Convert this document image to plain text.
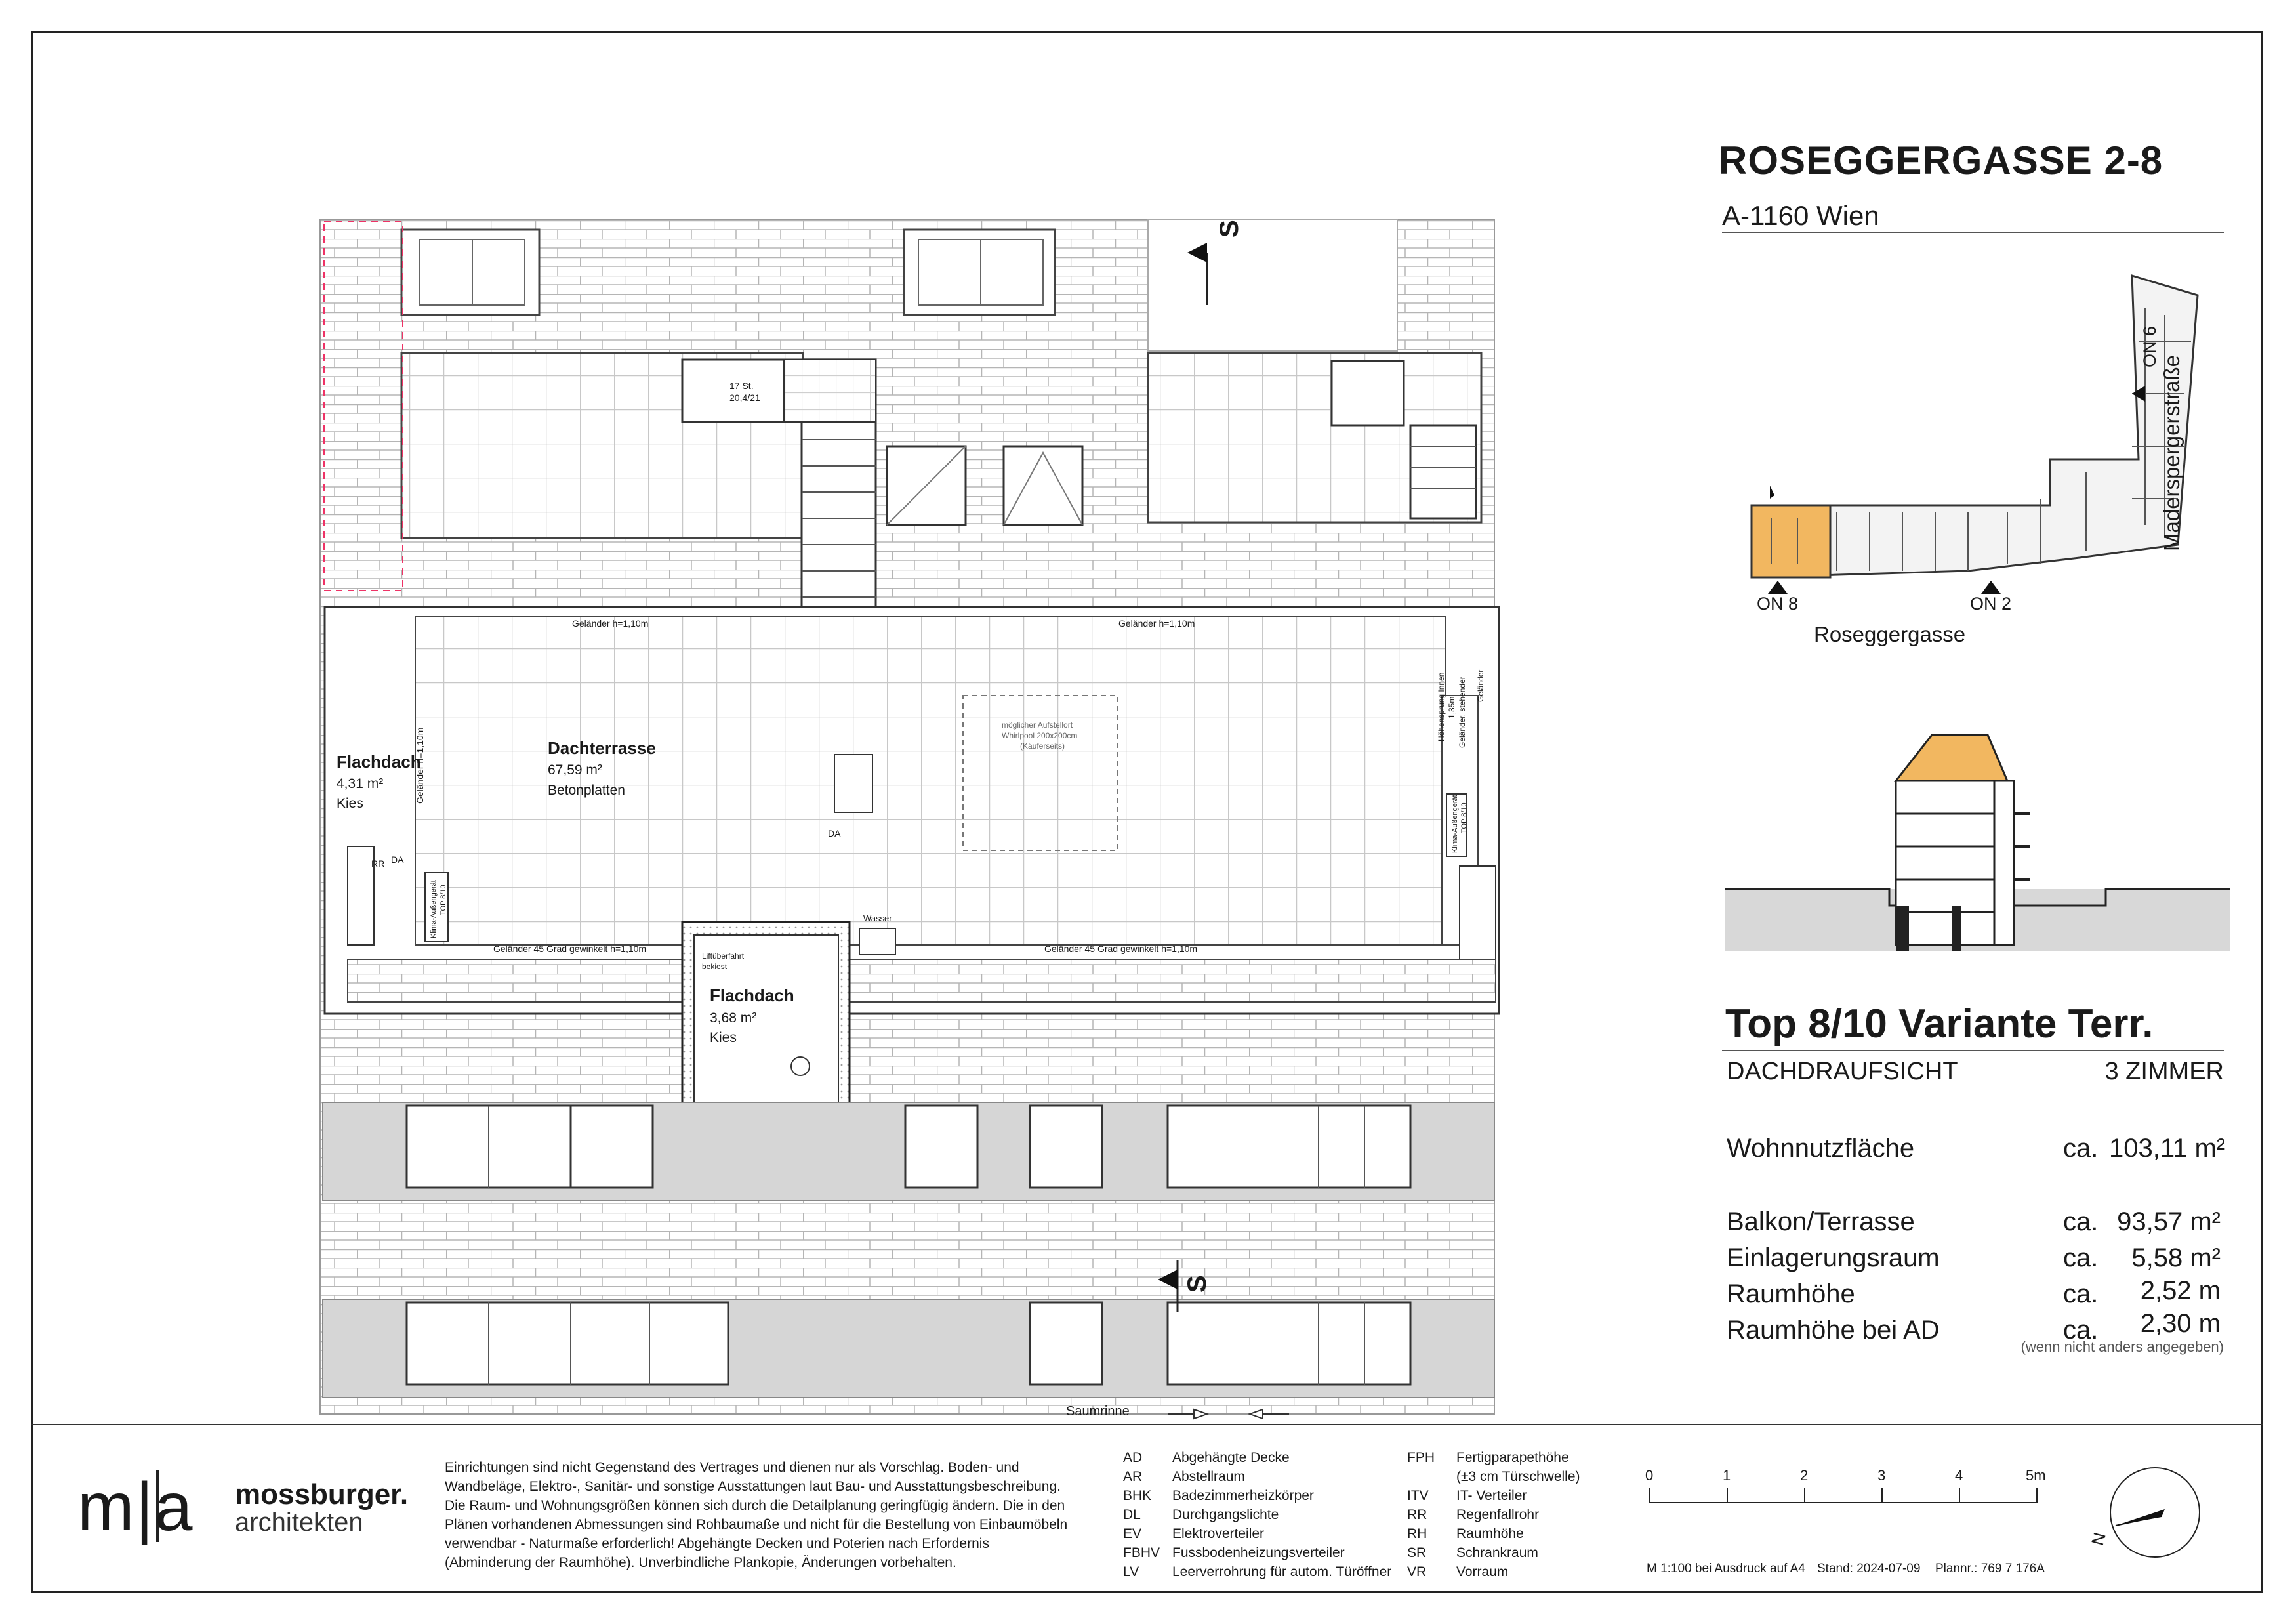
ROSEGGERGASSE 2-8
A-1160 Wien
ON 8	ON 2
ON 6
Roseggergasse
Maderspergerstraße
Top 8/10 Variante Terr.
DACHDRAUFSICHT	3 ZIMMER
Wohnnutzfläche	ca. 103,11 m²
Balkon/Terrasse	ca. 93,57 m²
Einlagerungsraum	ca.	5,58 m²
Raumhöhe	ca.	2,52 m
Raumhöhe bei AD	ca.	2,30 m
(wenn nicht anders angegeben)
S
S
17 St.
20,4/21
Geländer h=1,10m	Geländer h=1,10m
Geländer 45 Grad gewinkelt h=1,10m	Geländer 45 Grad gewinkelt h=1,10m
Geländer h=1,10m	Dachterrasse
67,59 m²
Betonplatten
Flachdach
4,31 m²
Kies
Flachdach
3,68 m²
Kies
möglicher Aufstellort
Whirlpool 200x200cm
(Käuferseits)
Klima-Außengerät TOP 8/10
Klima-Außengerät TOP 8/10
Höhensprung Innen 1,35m Geländer, stehender Geländer
Wasser
Liftüberfahrt
bekiest
RR DA
DA
Saumrinne
m|a mossburger.
architekten
Einrichtungen sind nicht Gegenstand des Vertrages und dienen nur als Vorschlag. Boden- und Wandbeläge, Elektro-, Sanitär- und sonstige Ausstattungen laut Bau- und Ausstattungsbeschreibung. Die Raum- und Wohnungsgrößen können sich durch die Detailplanung geringfügig ändern. Die in den Plänen vorhandenen Abmessungen sind Rohbaumaße und nicht für die Bestellung von Einbaumöbeln verwendbar - Naturmaße erforderlich! Abgehängte Decken und Poterien nach Erfordernis (Abminderung der Raumhöhe). Unverbindliche Plankopie, Änderungen vorbehalten.
AD Abgehängte Decke
AR Abstellraum
BHK Badezimmerheizkörper
DL Durchgangslichte
EV Elektroverteiler
FBHV Fussbodenheizungsverteiler
LV Leerverrohrung für autom. Türöffner
FPH Fertigparapethöhe
(±3 cm Türschwelle)
ITV IT- Verteiler
RR Regenfallrohr
RH Raumhöhe
SR Schrankraum
VR Vorraum
0	1	2	3	4	5m
M 1:100 bei Ausdruck auf A4 Stand: 2024-07-09 Plannr.: 769 7 176A
N
